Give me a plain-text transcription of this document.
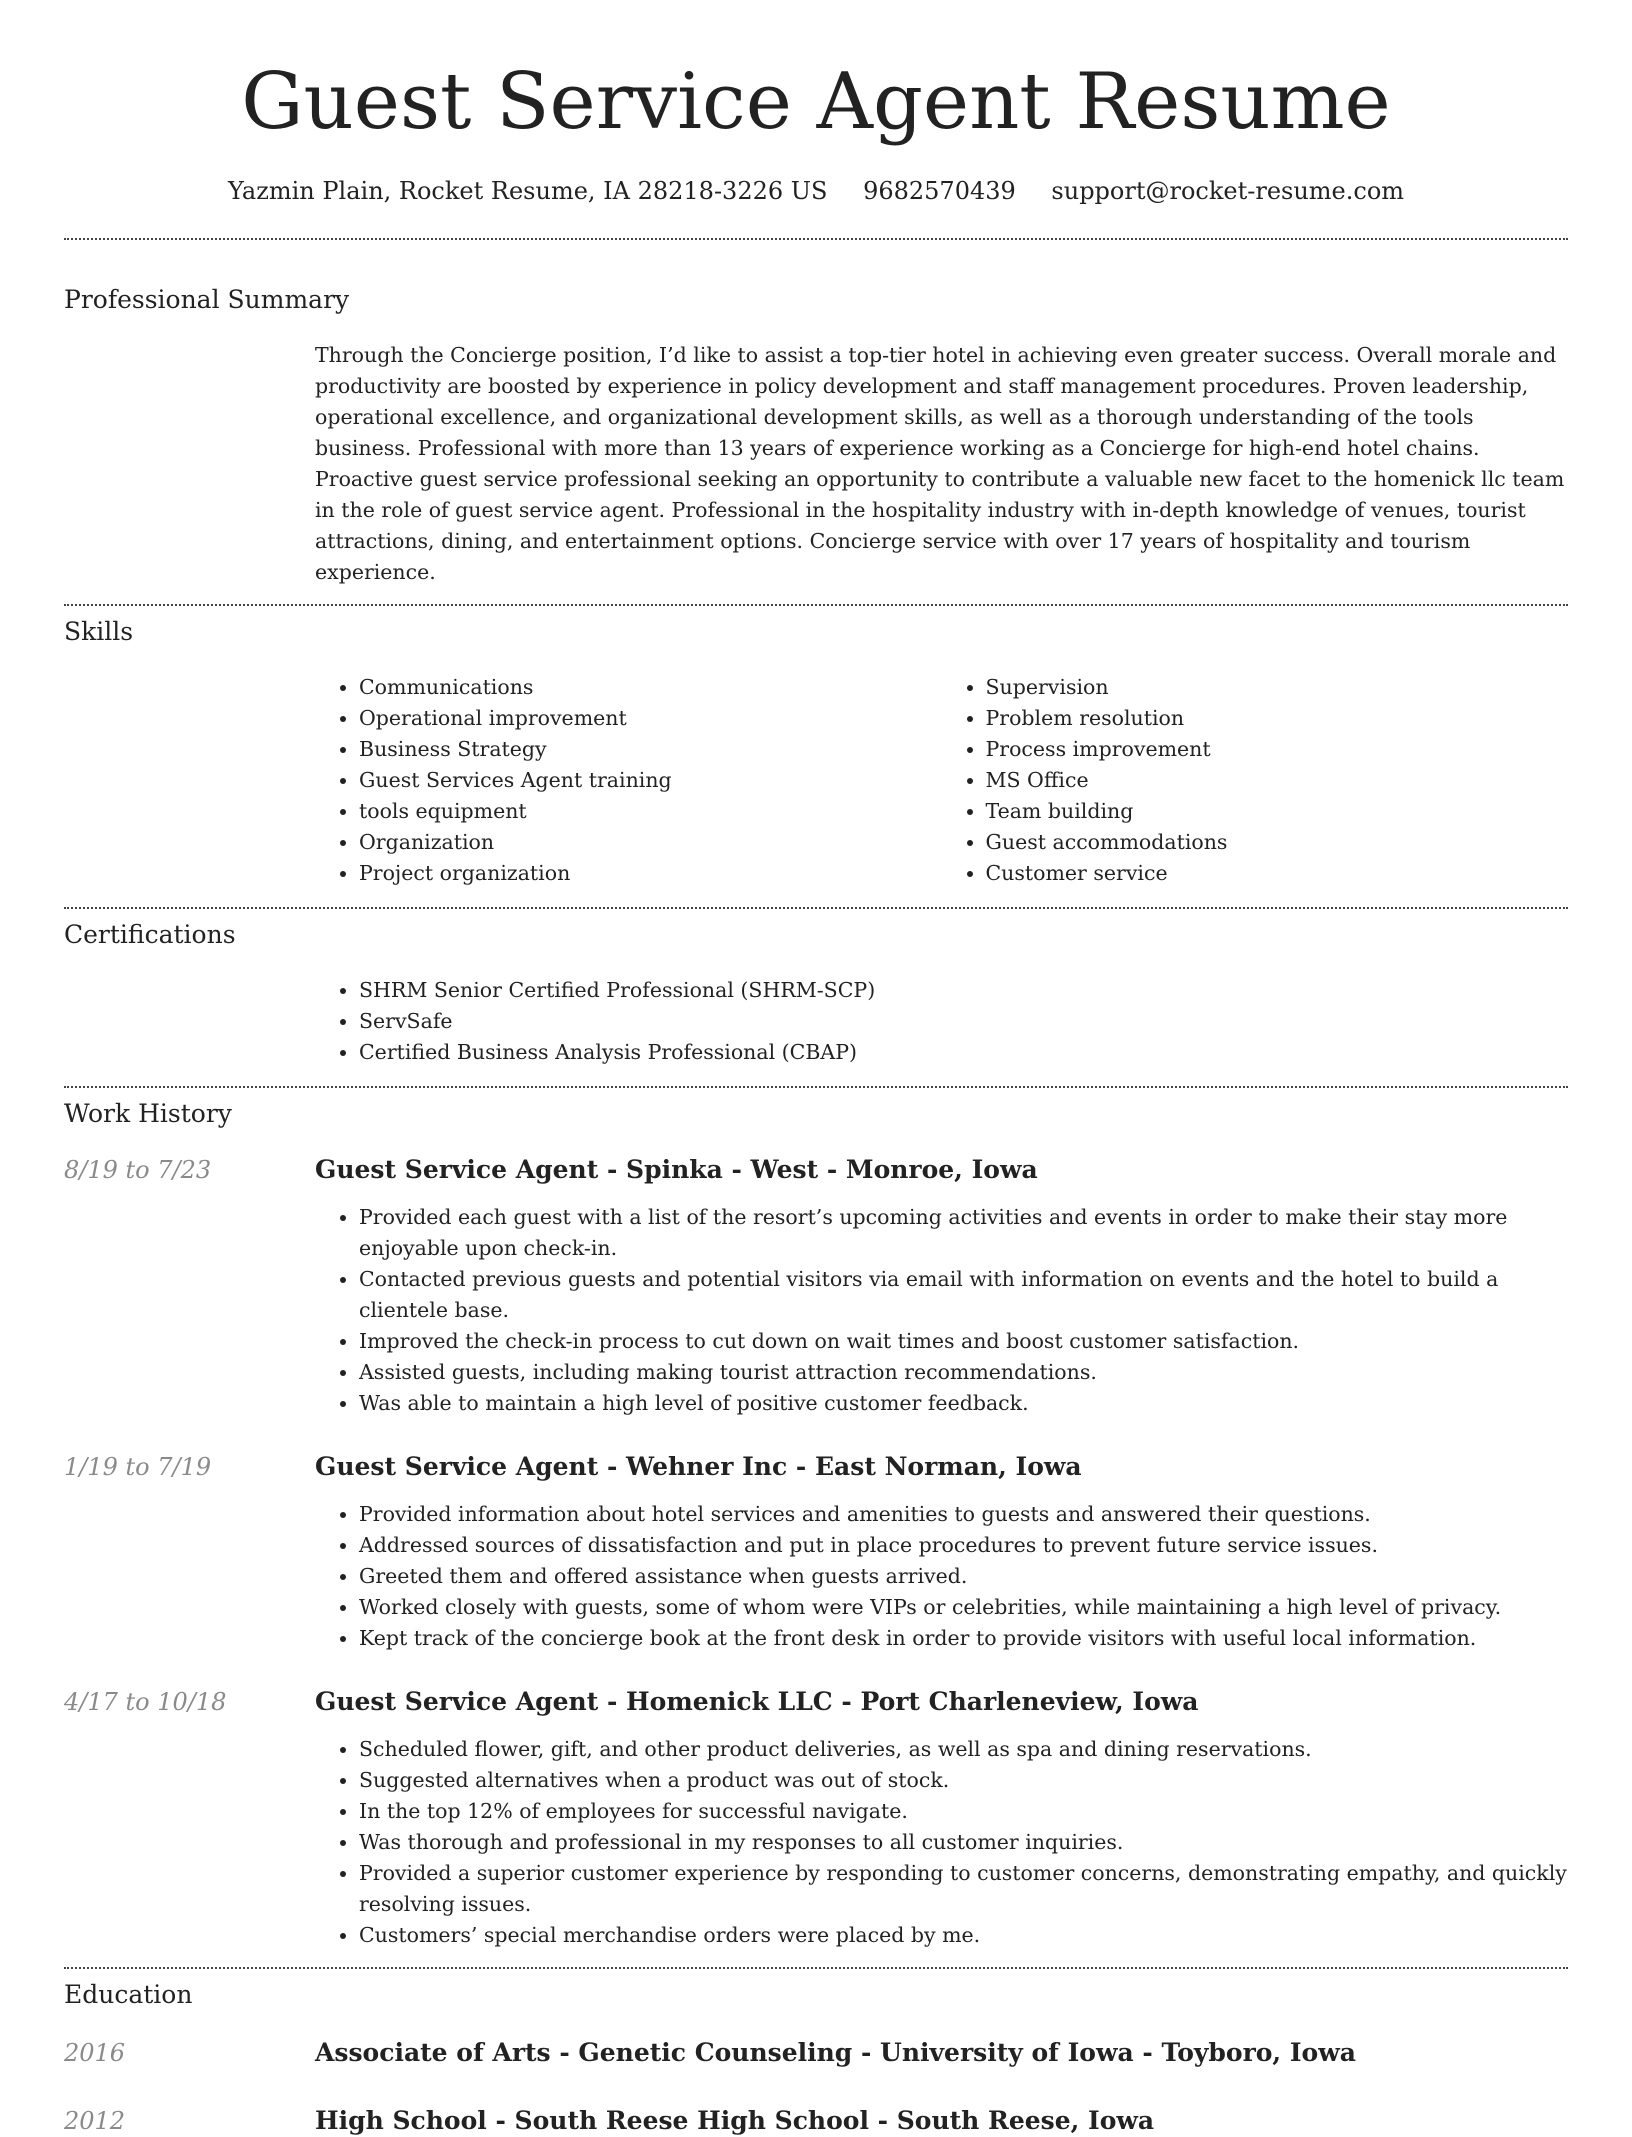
Guest Service Agent Resume
Yazmin Plain, Rocket Resume, IA 28218-3226 US 9682570439 support@rocket-resume.com
Professional Summary

Through the Concierge position, I’d like to assist a top-tier hotel in achieving even greater success. Overall morale and productivity are boosted by experience in policy development and staff management procedures. Proven leadership, operational excellence, and organizational development skills, as well as a thorough understanding of the tools business. Professional with more than 13 years of experience working as a Concierge for high-end hotel chains. Proactive guest service professional seeking an opportunity to contribute a valuable new facet to the homenick llc team in the role of guest service agent. Professional in the hospitality industry with in-depth knowledge of venues, tourist attractions, dining, and entertainment options. Concierge service with over 17 years of hospitality and tourism experience.

Skills
• Communications
• Operational improvement
• Business Strategy
• Guest Services Agent training
• tools equipment
• Organization
• Project organization
• Supervision
• Problem resolution
• Process improvement
• MS Office
• Team building
• Guest accommodations
• Customer service
Certifications
• SHRM Senior Certified Professional (SHRM-SCP)
• ServSafe
• Certified Business Analysis Professional (CBAP)
Work History
8/19 to 7/23	Guest Service Agent - Spinka - West - Monroe, Iowa
• Provided each guest with a list of the resort’s upcoming activities and events in order to make their stay more enjoyable upon check-in.
• Contacted previous guests and potential visitors via email with information on events and the hotel to build a clientele base.
• Improved the check-in process to cut down on wait times and boost customer satisfaction.
• Assisted guests, including making tourist attraction recommendations.
• Was able to maintain a high level of positive customer feedback.
1/19 to 7/19	Guest Service Agent - Wehner Inc - East Norman, Iowa
• Provided information about hotel services and amenities to guests and answered their questions.
• Addressed sources of dissatisfaction and put in place procedures to prevent future service issues.
• Greeted them and offered assistance when guests arrived.
• Worked closely with guests, some of whom were VIPs or celebrities, while maintaining a high level of privacy.
• Kept track of the concierge book at the front desk in order to provide visitors with useful local information.
4/17 to 10/18	Guest Service Agent - Homenick LLC - Port Charleneview, Iowa
• Scheduled flower, gift, and other product deliveries, as well as spa and dining reservations.
• Suggested alternatives when a product was out of stock.
• In the top 12% of employees for successful navigate.
• Was thorough and professional in my responses to all customer inquiries.
• Provided a superior customer experience by responding to customer concerns, demonstrating empathy, and quickly resolving issues.
• Customers’ special merchandise orders were placed by me.
Education
2016	Associate of Arts - Genetic Counseling - University of Iowa - Toyboro, Iowa
2012	High School - South Reese High School - South Reese, Iowa
